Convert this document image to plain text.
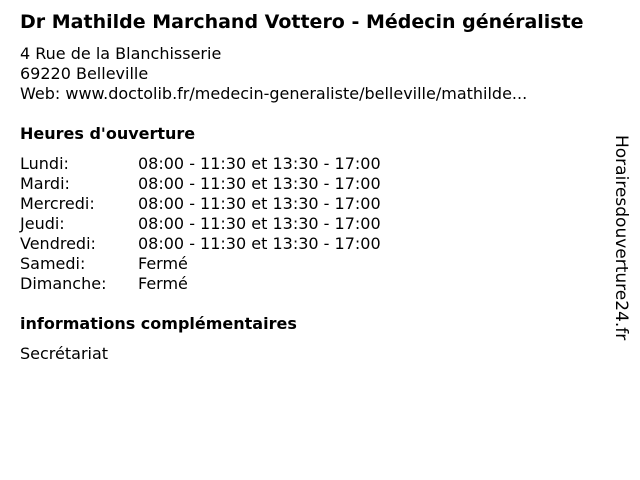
Dr Mathilde Marchand Vottero - Médecin généraliste
4 Rue de la Blanchisserie
69220 Belleville
Web: www.doctolib.fr/medecin-generaliste/belleville/mathilde...
Heures d'ouverture
Lundi:	08:00 - 11:30 et 13:30 - 17:00
Mardi:	08:00 - 11:30 et 13:30 - 17:00
Mercredi:	08:00 - 11:30 et 13:30 - 17:00
Jeudi:	08:00 - 11:30 et 13:30 - 17:00
Vendredi:	08:00 - 11:30 et 13:30 - 17:00
Samedi:	Fermé
Dimanche: Fermé
informations complémentaires
Secrétariat
Horairesdouverture24.fr
